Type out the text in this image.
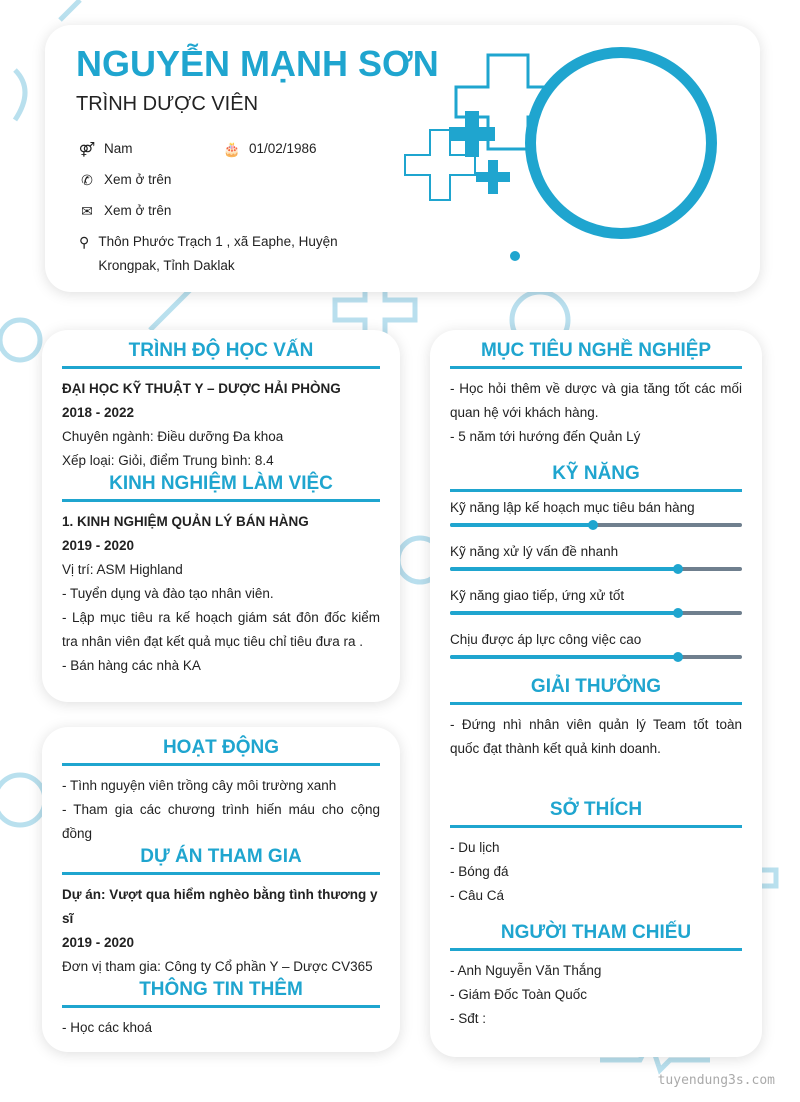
NGUYỄN MẠNH SƠN
TRÌNH DƯỢC VIÊN
⚤ Nam	🎂 01/02/1986
✆ Xem ở trên
✉ Xem ở trên
⚲ Thôn Phước Trạch 1 , xã Eaphe, Huyện Krongpak, Tỉnh Daklak
TRÌNH ĐỘ HỌC VẤN
ĐẠI HỌC KỸ THUẬT Y – DƯỢC HẢI PHÒNG
2018 - 2022
Chuyên ngành: Điều dưỡng Đa khoa
Xếp loại: Giỏi, điểm Trung bình: 8.4
KINH NGHIỆM LÀM VIỆC
1. KINH NGHIỆM QUẢN LÝ BÁN HÀNG
2019 - 2020
Vị trí: ASM Highland
- Tuyển dụng và đào tạo nhân viên.
- Lập mục tiêu ra kế hoạch giám sát đôn đốc kiểm tra nhân viên đạt kết quả mục tiêu chỉ tiêu đưa ra .
- Bán hàng các nhà KA
HOẠT ĐỘNG
- Tình nguyện viên trồng cây môi trường xanh
- Tham gia các chương trình hiến máu cho cộng đồng
DỰ ÁN THAM GIA
Dự án: Vượt qua hiểm nghèo bằng tình thương y sĩ
2019 - 2020
Đơn vị tham gia: Công ty Cổ phần Y – Dược CV365
THÔNG TIN THÊM
- Học các khoá
MỤC TIÊU NGHỀ NGHIỆP
- Học hỏi thêm về dược và gia tăng tốt các mối quan hệ với khách hàng.
- 5 năm tới hướng đến Quản Lý
KỸ NĂNG
Kỹ năng lập kế hoạch mục tiêu bán hàng
Kỹ năng xử lý vấn đề nhanh
Kỹ năng giao tiếp, ứng xử tốt
Chịu được áp lực công việc cao
GIẢI THƯỞNG
- Đứng nhì nhân viên quản lý Team tốt toàn quốc đạt thành kết quả kinh doanh.
SỞ THÍCH
- Du lịch
- Bóng đá
- Câu Cá
NGƯỜI THAM CHIẾU
- Anh Nguyễn Văn Thắng
- Giám Đốc Toàn Quốc
- Sđt :
tuyendung3s.com
